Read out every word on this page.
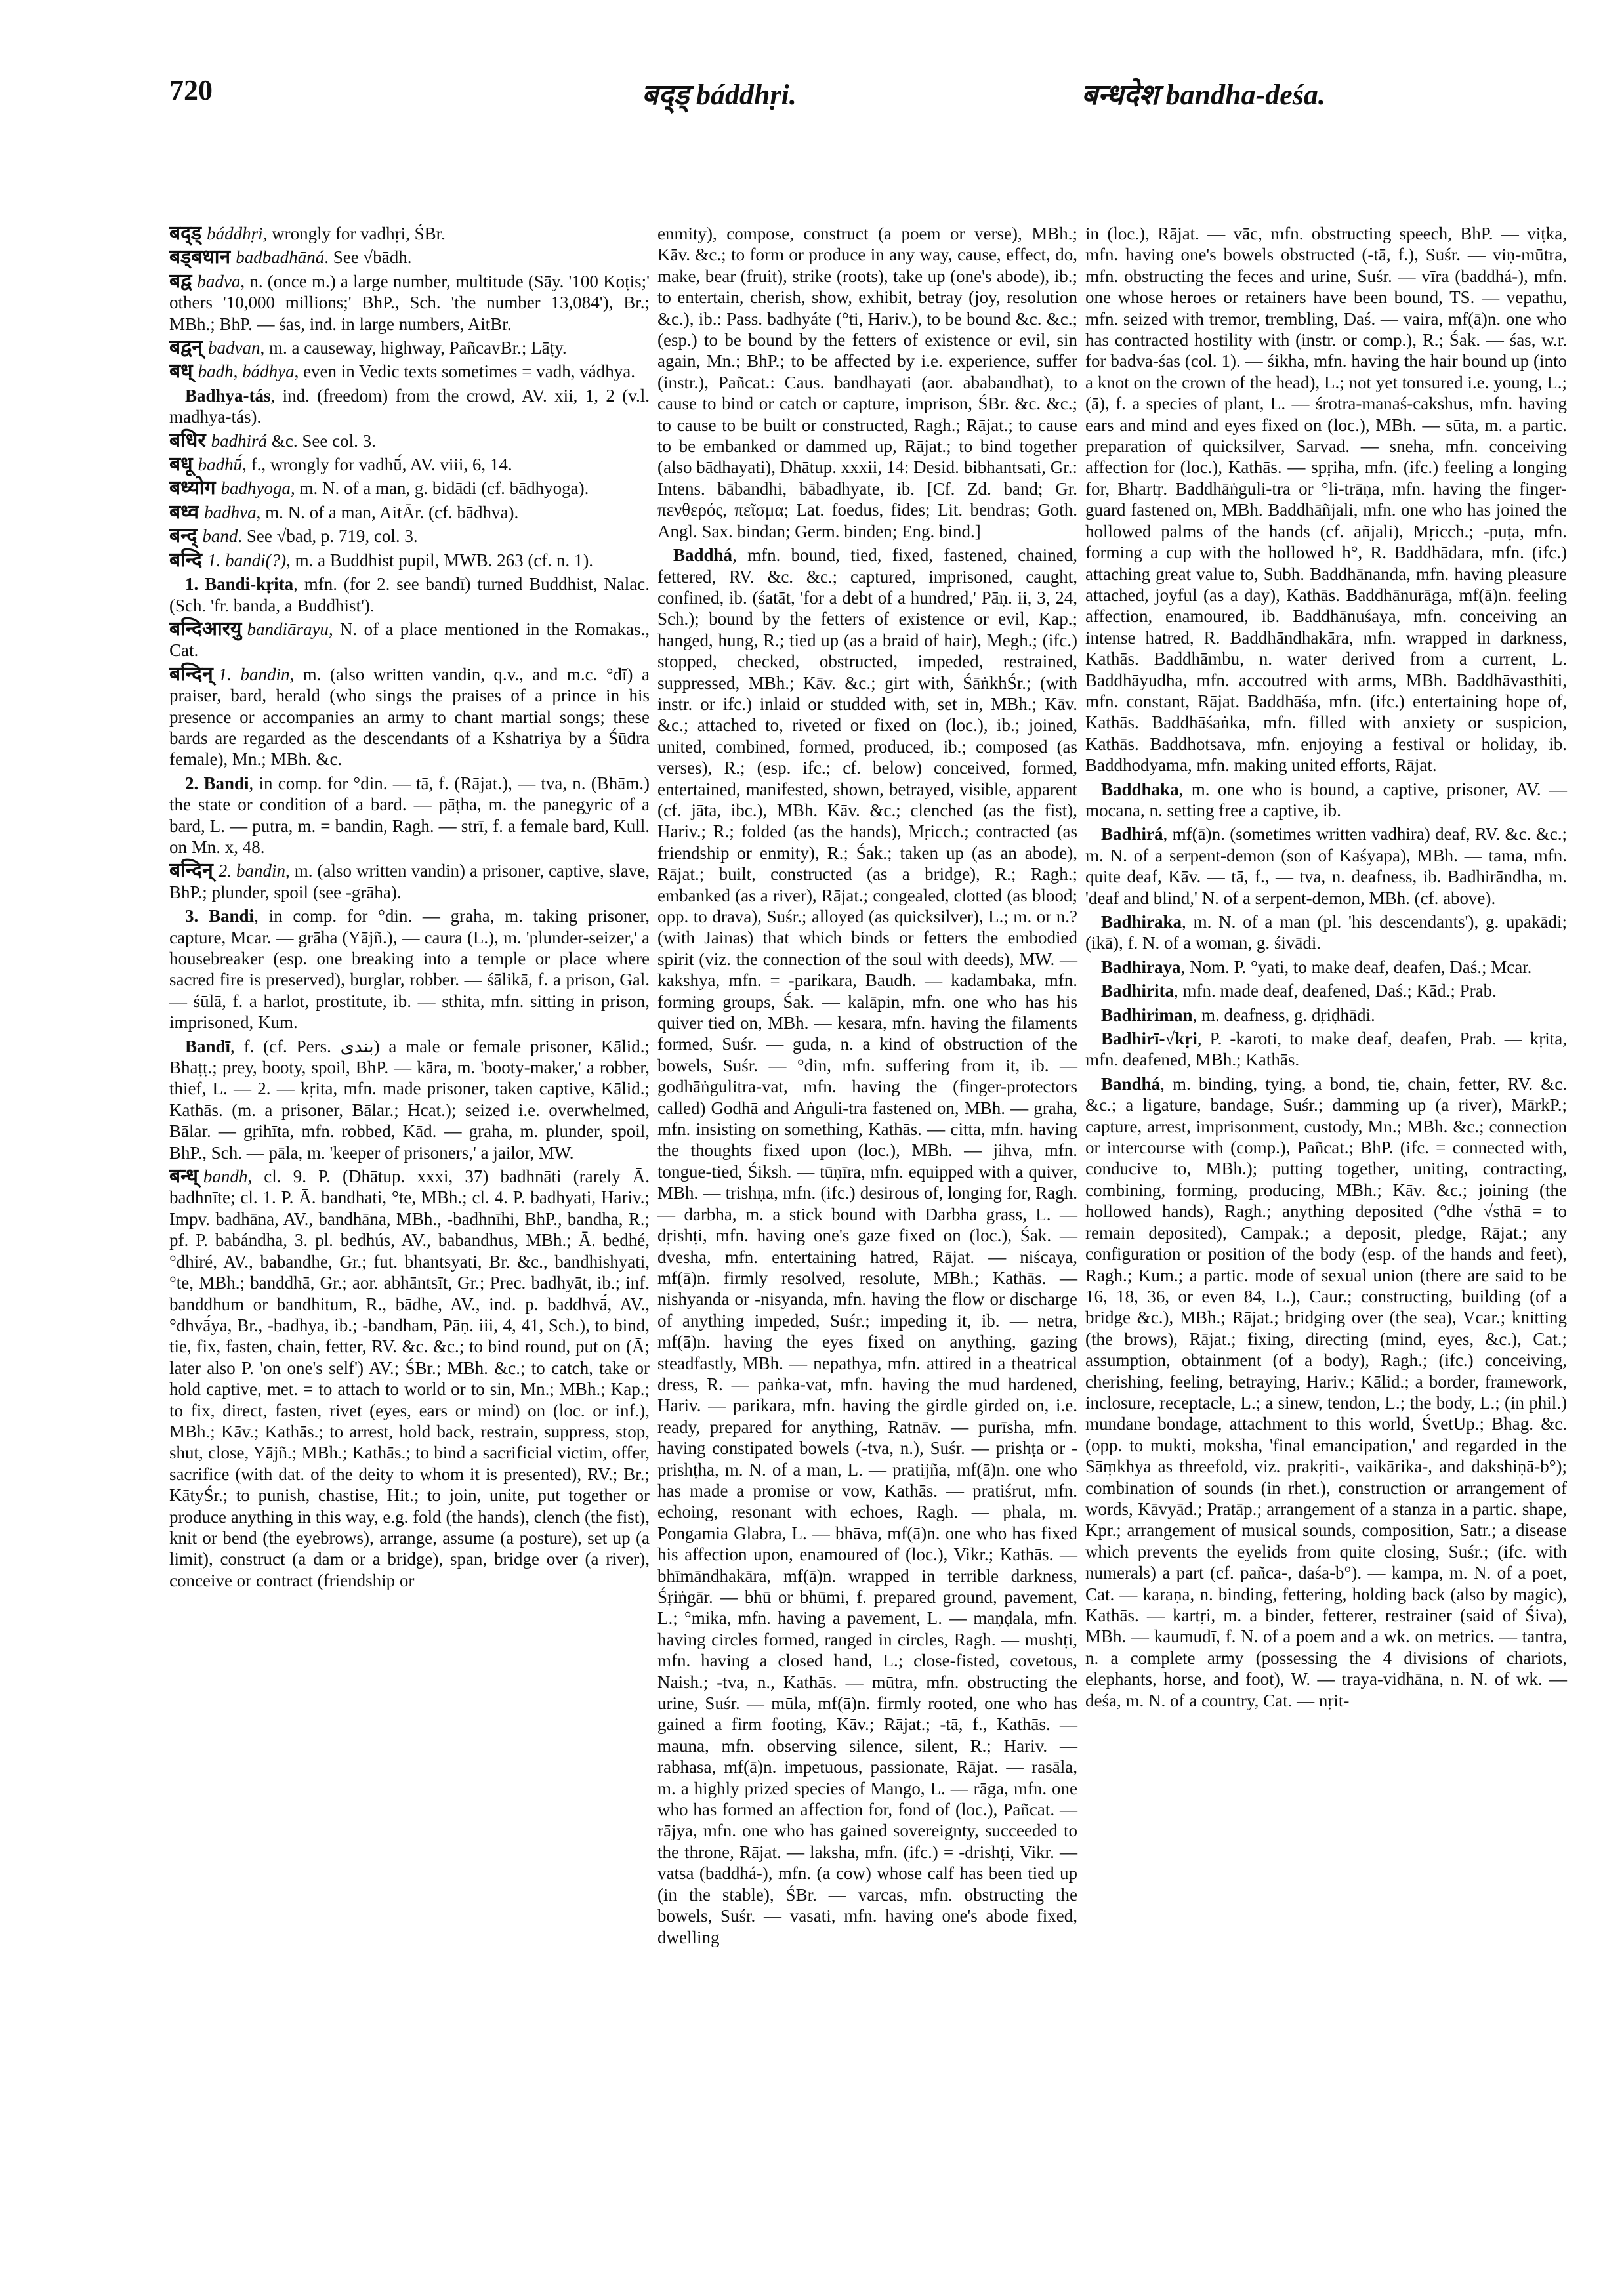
720	बद्ड् báddhṛi.	बन्धदेश bandha-deśa.

बद्ड् báddhṛi, wrongly for vadhṛi, ŚBr.

बड्बधान badbadhāná. See √bādh.

बद्व badva, n. (once m.) a large number, multitude (Sāy. '100 Koṭis;' others '10,000 millions;' BhP., Sch. 'the number 13,084'), Br.; MBh.; BhP. — śas, ind. in large numbers, AitBr.

बद्वन् badvan, m. a causeway, highway, PañcavBr.; Lāṭy.

बध् badh, bádhya, even in Vedic texts sometimes = vadh, vádhya.

Badhya-tás, ind. (freedom) from the crowd, AV. xii, 1, 2 (v.l. madhya-tás).

बधिर badhirá &c. See col. 3.

बधू badhū́, f., wrongly for vadhū́, AV. viii, 6, 14.

बध्योग badhyoga, m. N. of a man, g. bidādi (cf. bādhyoga).

बध्व badhva, m. N. of a man, AitĀr. (cf. bādhva).

बन्द् band. See √bad, p. 719, col. 3.

बन्दि 1. bandi(?), m. a Buddhist pupil, MWB. 263 (cf. n. 1).

1. Bandi-kṛita, mfn. (for 2. see bandī) turned Buddhist, Nalac. (Sch. 'fr. banda, a Buddhist').

बन्दिआरयु bandiārayu, N. of a place mentioned in the Romakas., Cat.

बन्दिन् 1. bandin, m. (also written vandin, q.v., and m.c. °dī) a praiser, bard, herald (who sings the praises of a prince in his presence or accompanies an army to chant martial songs; these bards are regarded as the descendants of a Kshatriya by a Śūdra female), Mn.; MBh. &c.

2. Bandi, in comp. for °din. — tā, f. (Rājat.), — tva, n. (Bhām.) the state or condition of a bard. — pāṭha, m. the panegyric of a bard, L. — putra, m. = bandin, Ragh. — strī, f. a female bard, Kull. on Mn. x, 48.

बन्दिन् 2. bandin, m. (also written vandin) a prisoner, captive, slave, BhP.; plunder, spoil (see -grāha).

3. Bandi, in comp. for °din. — graha, m. taking prisoner, capture, Mcar. — grāha (Yājñ.), — caura (L.), m. 'plunder-seizer,' a housebreaker (esp. one breaking into a temple or place where sacred fire is preserved), burglar, robber. — śālikā, f. a prison, Gal. — śūlā, f. a harlot, prostitute, ib. — sthita, mfn. sitting in prison, imprisoned, Kum.

Bandī, f. (cf. Pers. بندی) a male or female prisoner, Kālid.; Bhaṭṭ.; prey, booty, spoil, BhP. — kāra, m. 'booty-maker,' a robber, thief, L. — 2. — kṛita, mfn. made prisoner, taken captive, Kālid.; Kathās. (m. a prisoner, Bālar.; Hcat.); seized i.e. overwhelmed, Bālar. — gṛihīta, mfn. robbed, Kād. — graha, m. plunder, spoil, BhP., Sch. — pāla, m. 'keeper of prisoners,' a jailor, MW.

बन्ध् bandh, cl. 9. P. (Dhātup. xxxi, 37) badhnāti (rarely Ā. badhnīte; cl. 1. P. Ā. bandhati, °te, MBh.; cl. 4. P. badhyati, Hariv.; Impv. badhāna, AV., bandhāna, MBh., -badhnīhi, BhP., bandha, R.; pf. P. babándha, 3. pl. bedhús, AV., babandhus, MBh.; Ā. bedhé, °dhiré, AV., babandhe, Gr.; fut. bhantsyati, Br. &c., bandhishyati, °te, MBh.; banddhā, Gr.; aor. abhāntsīt, Gr.; Prec. badhyāt, ib.; inf. banddhum or bandhitum, R., bādhe, AV., ind. p. baddhvā́, AV., °dhvā́ya, Br., -badhya, ib.; -bandham, Pāṇ. iii, 4, 41, Sch.), to bind, tie, fix, fasten, chain, fetter, RV. &c. &c.; to bind round, put on (Ā; later also P. 'on one's self') AV.; ŚBr.; MBh. &c.; to catch, take or hold captive, met. = to attach to world or to sin, Mn.; MBh.; Kap.; to fix, direct, fasten, rivet (eyes, ears or mind) on (loc. or inf.), MBh.; Kāv.; Kathās.; to arrest, hold back, restrain, suppress, stop, shut, close, Yājñ.; MBh.; Kathās.; to bind a sacrificial victim, offer, sacrifice (with dat. of the deity to whom it is presented), RV.; Br.; KātyŚr.; to punish, chastise, Hit.; to join, unite, put together or produce anything in this way, e.g. fold (the hands), clench (the fist), knit or bend (the eyebrows), arrange, assume (a posture), set up (a limit), construct (a dam or a bridge), span, bridge over (a river), conceive or contract (friendship or

enmity), compose, construct (a poem or verse), MBh.; Kāv. &c.; to form or produce in any way, cause, effect, do, make, bear (fruit), strike (roots), take up (one's abode), ib.; to entertain, cherish, show, exhibit, betray (joy, resolution &c.), ib.: Pass. badhyáte (°ti, Hariv.), to be bound &c. &c.; (esp.) to be bound by the fetters of existence or evil, sin again, Mn.; BhP.; to be affected by i.e. experience, suffer (instr.), Pañcat.: Caus. bandhayati (aor. ababandhat), to cause to bind or catch or capture, imprison, ŚBr. &c. &c.; to cause to be built or constructed, Ragh.; Rājat.; to cause to be embanked or dammed up, Rājat.; to bind together (also bādhayati), Dhātup. xxxii, 14: Desid. bibhantsati, Gr.: Intens. bābandhi, bābadhyate, ib. [Cf. Zd. band; Gr. πενθερός, πεῖσμα; Lat. foedus, fides; Lit. bendras; Goth. Angl. Sax. bindan; Germ. binden; Eng. bind.]

Baddhá, mfn. bound, tied, fixed, fastened, chained, fettered, RV. &c. &c.; captured, imprisoned, caught, confined, ib. (śatāt, 'for a debt of a hundred,' Pāṇ. ii, 3, 24, Sch.); bound by the fetters of existence or evil, Kap.; hanged, hung, R.; tied up (as a braid of hair), Megh.; (ifc.) stopped, checked, obstructed, impeded, restrained, suppressed, MBh.; Kāv. &c.; girt with, ŚāṅkhŚr.; (with instr. or ifc.) inlaid or studded with, set in, MBh.; Kāv. &c.; attached to, riveted or fixed on (loc.), ib.; joined, united, combined, formed, produced, ib.; composed (as verses), R.; (esp. ifc.; cf. below) conceived, formed, entertained, manifested, shown, betrayed, visible, apparent (cf. jāta, ibc.), MBh. Kāv. &c.; clenched (as the fist), Hariv.; R.; folded (as the hands), Mṛicch.; contracted (as friendship or enmity), R.; Śak.; taken up (as an abode), Rājat.; built, constructed (as a bridge), R.; Ragh.; embanked (as a river), Rājat.; congealed, clotted (as blood; opp. to drava), Suśr.; alloyed (as quicksilver), L.; m. or n.? (with Jainas) that which binds or fetters the embodied spirit (viz. the connection of the soul with deeds), MW. — kakshya, mfn. = -parikara, Baudh. — kadambaka, mfn. forming groups, Śak. — kalāpin, mfn. one who has his quiver tied on, MBh. — kesara, mfn. having the filaments formed, Suśr. — guda, n. a kind of obstruction of the bowels, Suśr. — °din, mfn. suffering from it, ib. — godhāṅgulitra-vat, mfn. having the (finger-protectors called) Godhā and Aṅguli-tra fastened on, MBh. — graha, mfn. insisting on something, Kathās. — citta, mfn. having the thoughts fixed upon (loc.), MBh. — jihva, mfn. tongue-tied, Śiksh. — tūṇīra, mfn. equipped with a quiver, MBh. — trishṇa, mfn. (ifc.) desirous of, longing for, Ragh. — darbha, m. a stick bound with Darbha grass, L. — dṛishṭi, mfn. having one's gaze fixed on (loc.), Śak. — dvesha, mfn. entertaining hatred, Rājat. — niścaya, mf(ā)n. firmly resolved, resolute, MBh.; Kathās. — nishyanda or -nisyanda, mfn. having the flow or discharge of anything impeded, Suśr.; impeding it, ib. — netra, mf(ā)n. having the eyes fixed on anything, gazing steadfastly, MBh. — nepathya, mfn. attired in a theatrical dress, R. — paṅka-vat, mfn. having the mud hardened, Hariv. — parikara, mfn. having the girdle girded on, i.e. ready, prepared for anything, Ratnāv. — purīsha, mfn. having constipated bowels (-tva, n.), Suśr. — prishṭa or -prishṭha, m. N. of a man, L. — pratijña, mf(ā)n. one who has made a promise or vow, Kathās. — pratiśrut, mfn. echoing, resonant with echoes, Ragh. — phala, m. Pongamia Glabra, L. — bhāva, mf(ā)n. one who has fixed his affection upon, enamoured of (loc.), Vikr.; Kathās. — bhīmāndhakāra, mf(ā)n. wrapped in terrible darkness, Śṛiṅgār. — bhū or bhūmi, f. prepared ground, pavement, L.; °mika, mfn. having a pavement, L. — maṇḍala, mfn. having circles formed, ranged in circles, Ragh. — mushṭi, mfn. having a closed hand, L.; close-fisted, covetous, Naish.; -tva, n., Kathās. — mūtra, mfn. obstructing the urine, Suśr. — mūla, mf(ā)n. firmly rooted, one who has gained a firm footing, Kāv.; Rājat.; -tā, f., Kathās. — mauna, mfn. observing silence, silent, R.; Hariv. — rabhasa, mf(ā)n. impetuous, passionate, Rājat. — rasāla, m. a highly prized species of Mango, L. — rāga, mfn. one who has formed an affection for, fond of (loc.), Pañcat. — rājya, mfn. one who has gained sovereignty, succeeded to the throne, Rājat. — laksha, mfn. (ifc.) = -drishṭi, Vikr. — vatsa (baddhá-), mfn. (a cow) whose calf has been tied up (in the stable), ŚBr. — varcas, mfn. obstructing the bowels, Suśr. — vasati, mfn. having one's abode fixed, dwelling

in (loc.), Rājat. — vāc, mfn. obstructing speech, BhP. — viṭka, mfn. having one's bowels obstructed (-tā, f.), Suśr. — viṇ-mūtra, mfn. obstructing the feces and urine, Suśr. — vīra (baddhá-), mfn. one whose heroes or retainers have been bound, TS. — vepathu, mfn. seized with tremor, trembling, Daś. — vaira, mf(ā)n. one who has contracted hostility with (instr. or comp.), R.; Śak. — śas, w.r. for badva-śas (col. 1). — śikha, mfn. having the hair bound up (into a knot on the crown of the head), L.; not yet tonsured i.e. young, L.; (ā), f. a species of plant, L. — śrotra-manaś-cakshus, mfn. having ears and mind and eyes fixed on (loc.), MBh. — sūta, m. a partic. preparation of quicksilver, Sarvad. — sneha, mfn. conceiving affection for (loc.), Kathās. — spṛiha, mfn. (ifc.) feeling a longing for, Bhartṛ. Baddhāṅguli-tra or °li-trāṇa, mfn. having the finger-guard fastened on, MBh. Baddhāñjali, mfn. one who has joined the hollowed palms of the hands (cf. añjali), Mṛicch.; -puṭa, mfn. forming a cup with the hollowed h°, R. Baddhādara, mfn. (ifc.) attaching great value to, Subh. Baddhānanda, mfn. having pleasure attached, joyful (as a day), Kathās. Baddhānurāga, mf(ā)n. feeling affection, enamoured, ib. Baddhānuśaya, mfn. conceiving an intense hatred, R. Baddhāndhakāra, mfn. wrapped in darkness, Kathās. Baddhāmbu, n. water derived from a current, L. Baddhāyudha, mfn. accoutred with arms, MBh. Baddhāvasthiti, mfn. constant, Rājat. Baddhāśa, mfn. (ifc.) entertaining hope of, Kathās. Baddhāśaṅka, mfn. filled with anxiety or suspicion, Kathās. Baddhotsava, mfn. enjoying a festival or holiday, ib. Baddhodyama, mfn. making united efforts, Rājat.

Baddhaka, m. one who is bound, a captive, prisoner, AV. — mocana, n. setting free a captive, ib.

Badhirá, mf(ā)n. (sometimes written vadhira) deaf, RV. &c. &c.; m. N. of a serpent-demon (son of Kaśyapa), MBh. — tama, mfn. quite deaf, Kāv. — tā, f., — tva, n. deafness, ib. Badhirāndha, m. 'deaf and blind,' N. of a serpent-demon, MBh. (cf. above).

Badhiraka, m. N. of a man (pl. 'his descendants'), g. upakādi; (ikā), f. N. of a woman, g. śivādi.

Badhiraya, Nom. P. °yati, to make deaf, deafen, Daś.; Mcar.

Badhirita, mfn. made deaf, deafened, Daś.; Kād.; Prab.

Badhiriman, m. deafness, g. dṛiḍhādi.

Badhirī-√kṛi, P. -karoti, to make deaf, deafen, Prab. — kṛita, mfn. deafened, MBh.; Kathās.

Bandhá, m. binding, tying, a bond, tie, chain, fetter, RV. &c. &c.; a ligature, bandage, Suśr.; damming up (a river), MārkP.; capture, arrest, imprisonment, custody, Mn.; MBh. &c.; connection or intercourse with (comp.), Pañcat.; BhP. (ifc. = connected with, conducive to, MBh.); putting together, uniting, contracting, combining, forming, producing, MBh.; Kāv. &c.; joining (the hollowed hands), Ragh.; anything deposited (°dhe √sthā = to remain deposited), Campak.; a deposit, pledge, Rājat.; any configuration or position of the body (esp. of the hands and feet), Ragh.; Kum.; a partic. mode of sexual union (there are said to be 16, 18, 36, or even 84, L.), Caur.; constructing, building (of a bridge &c.), MBh.; Rājat.; bridging over (the sea), Vcar.; knitting (the brows), Rājat.; fixing, directing (mind, eyes, &c.), Cat.; assumption, obtainment (of a body), Ragh.; (ifc.) conceiving, cherishing, feeling, betraying, Hariv.; Kālid.; a border, framework, inclosure, receptacle, L.; a sinew, tendon, L.; the body, L.; (in phil.) mundane bondage, attachment to this world, ŚvetUp.; Bhag. &c. (opp. to mukti, moksha, 'final emancipation,' and regarded in the Sāṃkhya as threefold, viz. prakṛiti-, vaikārika-, and dakshiṇā-b°); combination of sounds (in rhet.), construction or arrangement of words, Kāvyād.; Pratāp.; arrangement of a stanza in a partic. shape, Kpr.; arrangement of musical sounds, composition, Satr.; a disease which prevents the eyelids from quite closing, Suśr.; (ifc. with numerals) a part (cf. pañca-, daśa-b°). — kampa, m. N. of a poet, Cat. — karaṇa, n. binding, fettering, holding back (also by magic), Kathās. — kartṛi, m. a binder, fetterer, restrainer (said of Śiva), MBh. — kaumudī, f. N. of a poem and a wk. on metrics. — tantra, n. a complete army (possessing the 4 divisions of chariots, elephants, horse, and foot), W. — traya-vidhāna, n. N. of wk. — deśa, m. N. of a country, Cat. — nṛit-
